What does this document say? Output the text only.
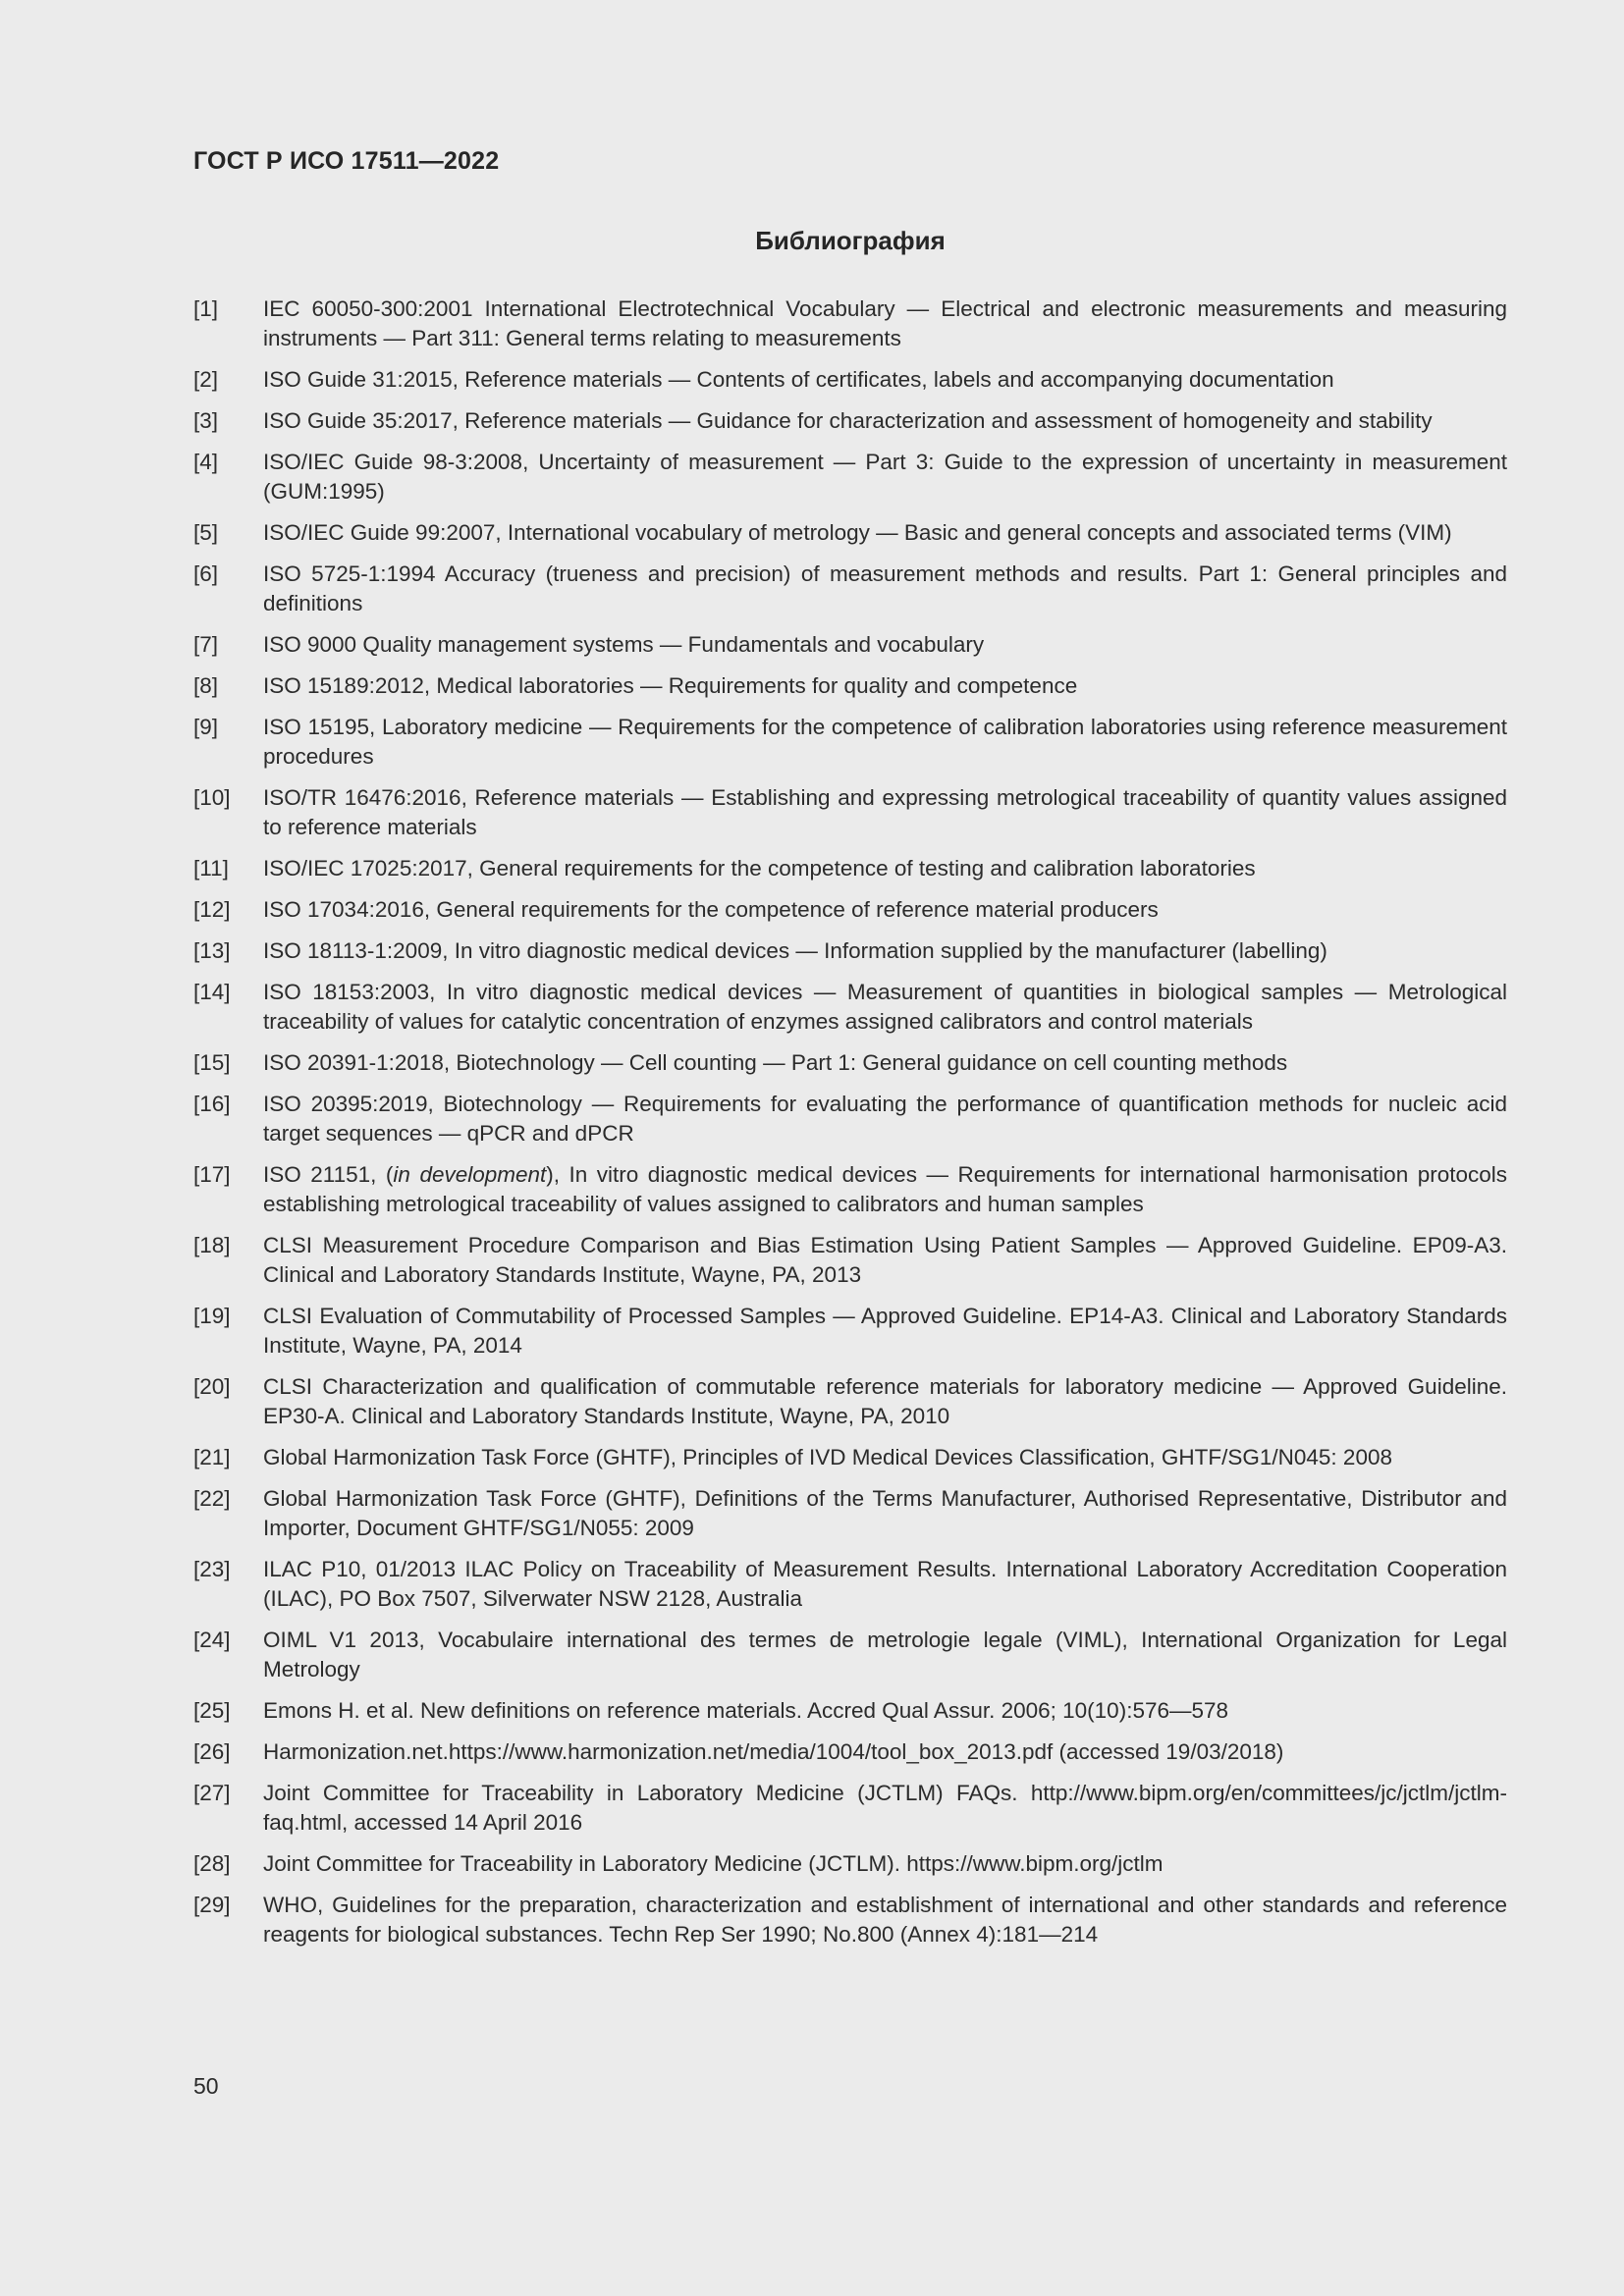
ГОСТ Р ИСО 17511—2022
Библиография
[1]	IEC 60050-300:2001 International Electrotechnical Vocabulary — Electrical and electronic measurements and measuring instruments — Part 311: General terms relating to measurements
[2]	ISO Guide 31:2015, Reference materials — Contents of certificates, labels and accompanying documentation
[3]	ISO Guide 35:2017, Reference materials — Guidance for characterization and assessment of homogeneity and stability
[4]	ISO/IEC Guide 98-3:2008, Uncertainty of measurement — Part 3: Guide to the expression of uncertainty in measurement (GUM:1995)
[5]	ISO/IEC Guide 99:2007, International vocabulary of metrology — Basic and general concepts and associated terms (VIM)
[6]	ISO 5725-1:1994 Accuracy (trueness and precision) of measurement methods and results. Part 1: General principles and definitions
[7]	ISO 9000 Quality management systems — Fundamentals and vocabulary
[8]	ISO 15189:2012, Medical laboratories — Requirements for quality and competence
[9]	ISO 15195, Laboratory medicine — Requirements for the competence of calibration laboratories using reference measurement procedures
[10]	ISO/TR 16476:2016, Reference materials — Establishing and expressing metrological traceability of quantity values assigned to reference materials
[11]	ISO/IEC 17025:2017, General requirements for the competence of testing and calibration laboratories
[12]	ISO 17034:2016, General requirements for the competence of reference material producers
[13]	ISO 18113-1:2009, In vitro diagnostic medical devices — Information supplied by the manufacturer (labelling)
[14]	ISO 18153:2003, In vitro diagnostic medical devices — Measurement of quantities in biological samples — Metrological traceability of values for catalytic concentration of enzymes assigned calibrators and control materials
[15]	ISO 20391-1:2018, Biotechnology — Cell counting — Part 1: General guidance on cell counting methods
[16]	ISO 20395:2019, Biotechnology — Requirements for evaluating the performance of quantification methods for nucleic acid target sequences — qPCR and dPCR
[17]	ISO 21151, (in development), In vitro diagnostic medical devices — Requirements for international harmonisation protocols establishing metrological traceability of values assigned to calibrators and human samples
[18]	CLSI Measurement Procedure Comparison and Bias Estimation Using Patient Samples — Approved Guideline. EP09-A3. Clinical and Laboratory Standards Institute, Wayne, PA, 2013
[19]	CLSI Evaluation of Commutability of Processed Samples — Approved Guideline. EP14-A3. Clinical and Laboratory Standards Institute, Wayne, PA, 2014
[20]	CLSI Characterization and qualification of commutable reference materials for laboratory medicine — Approved Guideline. EP30-A. Clinical and Laboratory Standards Institute, Wayne, PA, 2010
[21]	Global Harmonization Task Force (GHTF), Principles of IVD Medical Devices Classification, GHTF/SG1/N045: 2008
[22]	Global Harmonization Task Force (GHTF), Definitions of the Terms Manufacturer, Authorised Representative, Distributor and Importer, Document GHTF/SG1/N055: 2009
[23]	ILAC P10, 01/2013 ILAC Policy on Traceability of Measurement Results. International Laboratory Accreditation Cooperation (ILAC), PO Box 7507, Silverwater NSW 2128, Australia
[24]	OIML V1 2013, Vocabulaire international des termes de metrologie legale (VIML), International Organization for Legal Metrology
[25]	Emons H. et al. New definitions on reference materials. Accred Qual Assur. 2006; 10(10):576—578
[26]	Harmonization.net.https://www.harmonization.net/media/1004/tool_box_2013.pdf (accessed 19/03/2018)
[27]	Joint Committee for Traceability in Laboratory Medicine (JCTLM) FAQs. http://www.bipm.org/en/committees/jc/jctlm/jctlm-faq.html, accessed 14 April 2016
[28]	Joint Committee for Traceability in Laboratory Medicine (JCTLM). https://www.bipm.org/jctlm
[29]	WHO, Guidelines for the preparation, characterization and establishment of international and other standards and reference reagents for biological substances. Techn Rep Ser 1990; No.800 (Annex 4):181—214
50
